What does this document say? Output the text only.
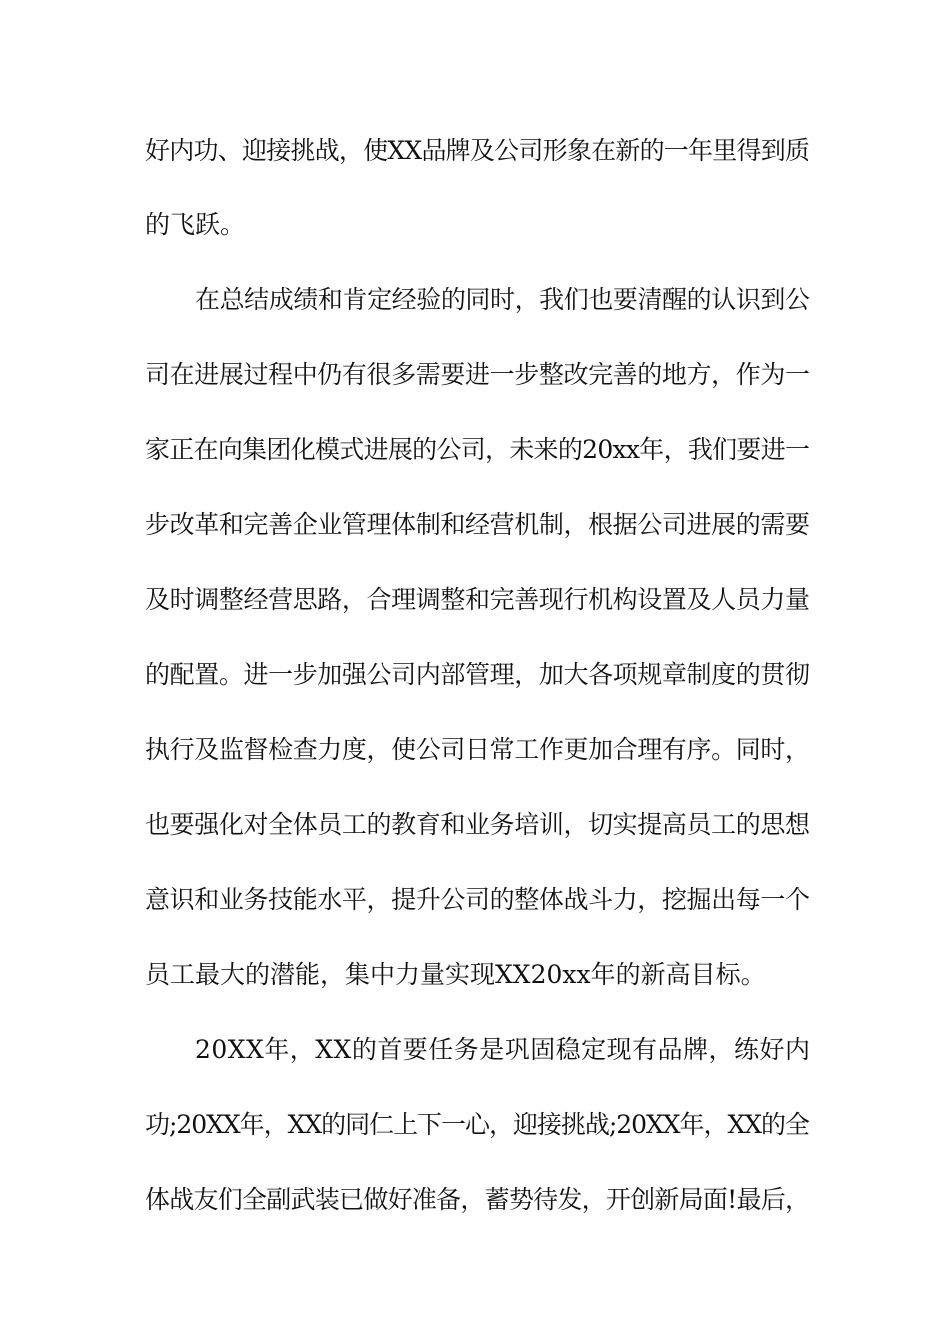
好内功、迎接挑战，使XX品牌及公司形象在新的一年里得到质
的飞跃。
在总结成绩和肯定经验的同时，我们也要清醒的认识到公
司在进展过程中仍有很多需要进一步整改完善的地方，作为一
家正在向集团化模式进展的公司，未来的20xx年，我们要进一
步改革和完善企业管理体制和经营机制，根据公司进展的需要
及时调整经营思路，合理调整和完善现行机构设置及人员力量
的配置。进一步加强公司内部管理，加大各项规章制度的贯彻
执行及监督检查力度，使公司日常工作更加合理有序。同时，
也要强化对全体员工的教育和业务培训，切实提高员工的思想
意识和业务技能水平，提升公司的整体战斗力，挖掘出每一个
员工最大的潜能，集中力量实现XX20xx年的新高目标。
20XX年，XX的首要任务是巩固稳定现有品牌，练好内
功;20XX年，XX的同仁上下一心，迎接挑战;20XX年，XX的全
体战友们全副武装已做好准备，蓄势待发，开创新局面!最后，
